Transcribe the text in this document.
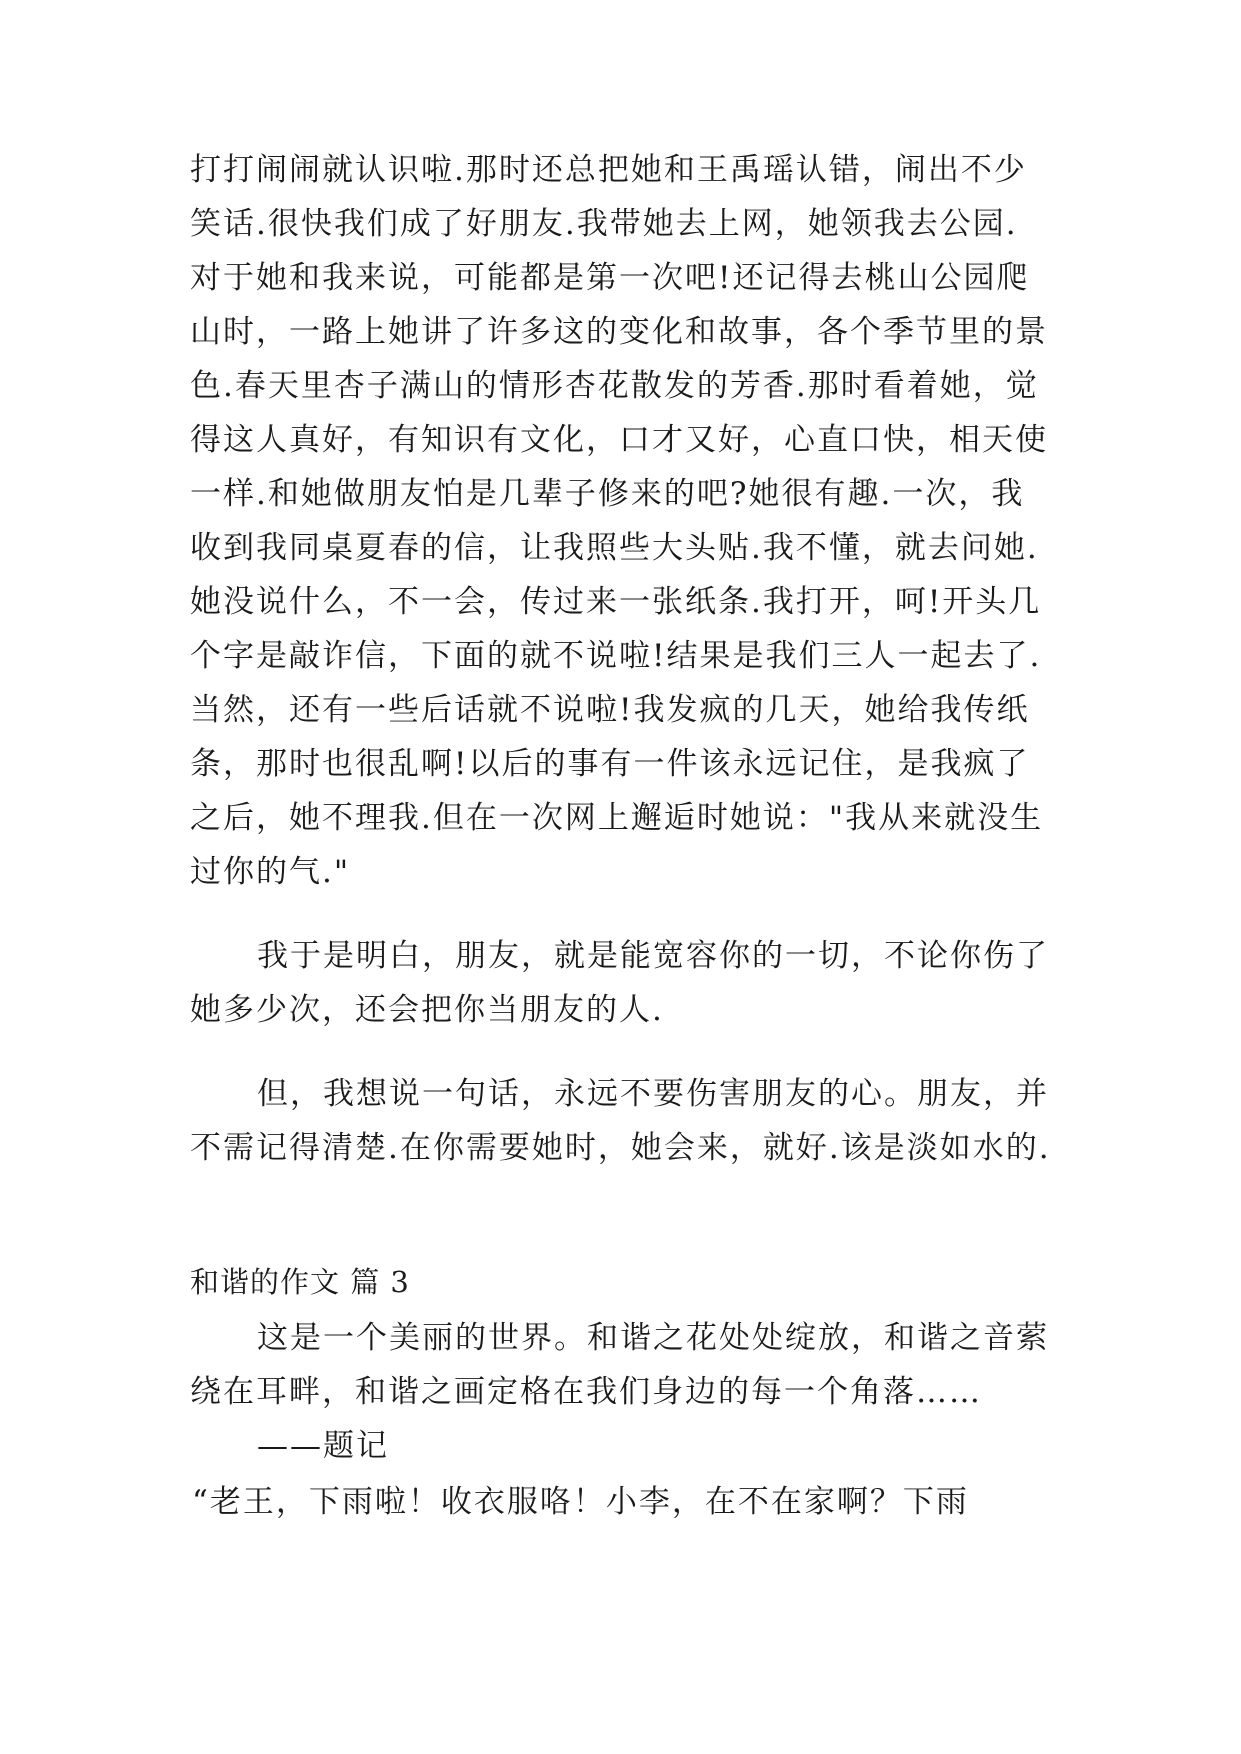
打打闹闹就认识啦.那时还总把她和王禹瑶认错，闹出不少
笑话.很快我们成了好朋友.我带她去上网，她领我去公园.
对于她和我来说，可能都是第一次吧!还记得去桃山公园爬
山时，一路上她讲了许多这的变化和故事，各个季节里的景
色.春天里杏子满山的情形杏花散发的芳香.那时看着她，觉
得这人真好，有知识有文化，口才又好，心直口快，相天使
一样.和她做朋友怕是几辈子修来的吧?她很有趣.一次，我
收到我同桌夏春的信，让我照些大头贴.我不懂，就去问她.
她没说什么，不一会，传过来一张纸条.我打开，呵!开头几
个字是敲诈信，下面的就不说啦!结果是我们三人一起去了.
当然，还有一些后话就不说啦!我发疯的几天，她给我传纸
条，那时也很乱啊!以后的事有一件该永远记住，是我疯了
之后，她不理我.但在一次网上邂逅时她说："我从来就没生
过你的气."
我于是明白，朋友，就是能宽容你的一切，不论你伤了
她多少次，还会把你当朋友的人.
但，我想说一句话，永远不要伤害朋友的心。朋友，并
不需记得清楚.在你需要她时，她会来，就好.该是淡如水的.
和谐的作文 篇 3
这是一个美丽的世界。和谐之花处处绽放，和谐之音萦
绕在耳畔，和谐之画定格在我们身边的每一个角落……
——题记
“老王，下雨啦！收衣服咯！小李，在不在家啊？下雨
